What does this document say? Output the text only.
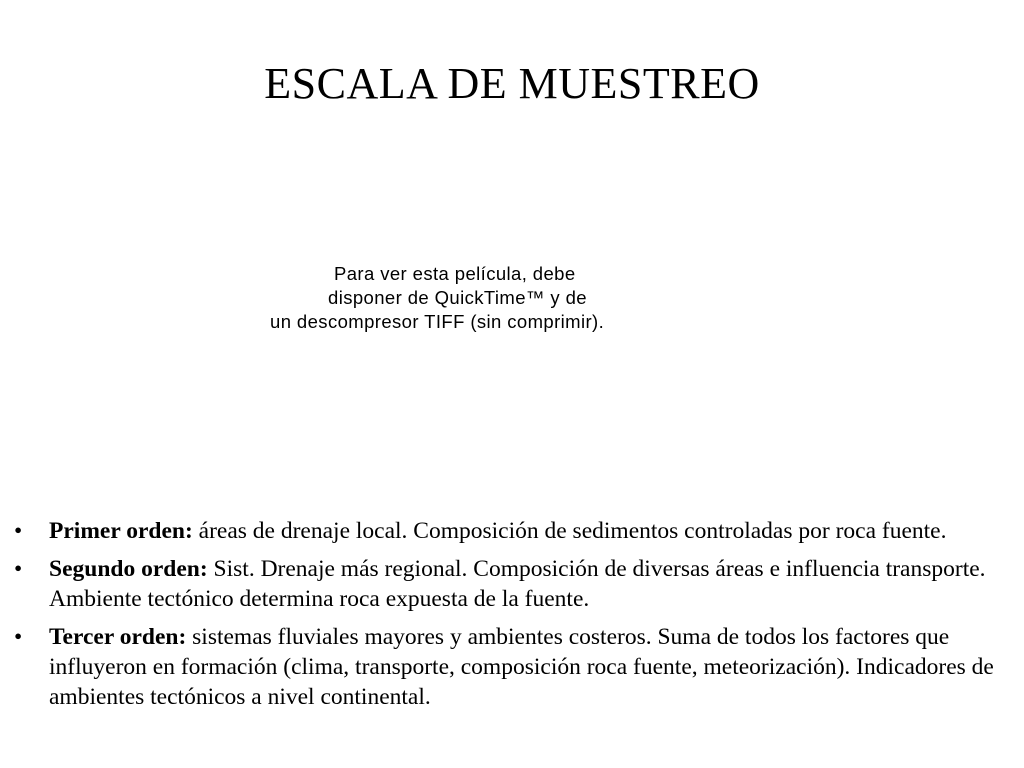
ESCALA DE MUESTREO
Para ver esta película, debe
disponer de QuickTime™ y de
un descompresor TIFF (sin comprimir).
• Primer orden: áreas de drenaje local. Composición de sedimentos controladas por roca fuente.
• Segundo orden: Sist. Drenaje más regional. Composición de diversas áreas e influencia transporte. Ambiente tectónico determina roca expuesta de la fuente.
• Tercer orden: sistemas fluviales mayores y ambientes costeros. Suma de todos los factores que influyeron en formación (clima, transporte, composición roca fuente, meteorización). Indicadores de ambientes tectónicos a nivel continental.
